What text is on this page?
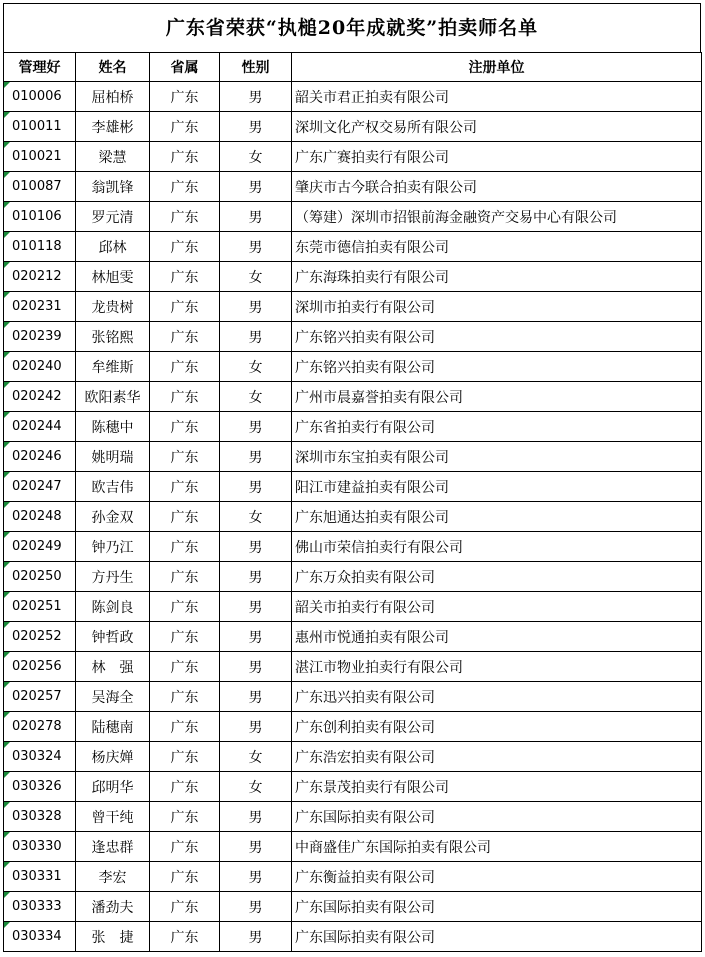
广东省荣获“执槌20年成就奖”拍卖师名单
管理好	姓名	省属	性别	注册单位
010006	屈柏桥	广东	男	韶关市君正拍卖有限公司
010011	李雄彬	广东	男	深圳文化产权交易所有限公司
010021	梁慧	广东	女	广东广赛拍卖行有限公司
010087	翁凯锋	广东	男	肇庆市古今联合拍卖有限公司
010106	罗元清	广东	男	（筹建）深圳市招银前海金融资产交易中心有限公司
010118	邱林	广东	男	东莞市德信拍卖有限公司
020212	林旭雯	广东	女	广东海珠拍卖行有限公司
020231	龙贵树	广东	男	深圳市拍卖行有限公司
020239	张铭熙	广东	男	广东铭兴拍卖有限公司
020240	牟维斯	广东	女	广东铭兴拍卖有限公司
020242	欧阳素华	广东	女	广州市晨嘉誉拍卖有限公司
020244	陈穗中	广东	男	广东省拍卖行有限公司
020246	姚明瑞	广东	男	深圳市东宝拍卖有限公司
020247	欧吉伟	广东	男	阳江市建益拍卖有限公司
020248	孙金双	广东	女	广东旭通达拍卖有限公司
020249	钟乃江	广东	男	佛山市荣信拍卖行有限公司
020250	方丹生	广东	男	广东万众拍卖有限公司
020251	陈剑良	广东	男	韶关市拍卖行有限公司
020252	钟哲政	广东	男	惠州市悦通拍卖有限公司
020256	林　强	广东	男	湛江市物业拍卖行有限公司
020257	吴海全	广东	男	广东迅兴拍卖有限公司
020278	陆穗南	广东	男	广东创利拍卖有限公司
030324	杨庆婵	广东	女	广东浩宏拍卖有限公司
030326	邱明华	广东	女	广东景茂拍卖行有限公司
030328	曾干纯	广东	男	广东国际拍卖有限公司
030330	逢忠群	广东	男	中商盛佳广东国际拍卖有限公司
030331	李宏	广东	男	广东衡益拍卖有限公司
030333	潘劲夫	广东	男	广东国际拍卖有限公司
030334	张　捷	广东	男	广东国际拍卖有限公司
